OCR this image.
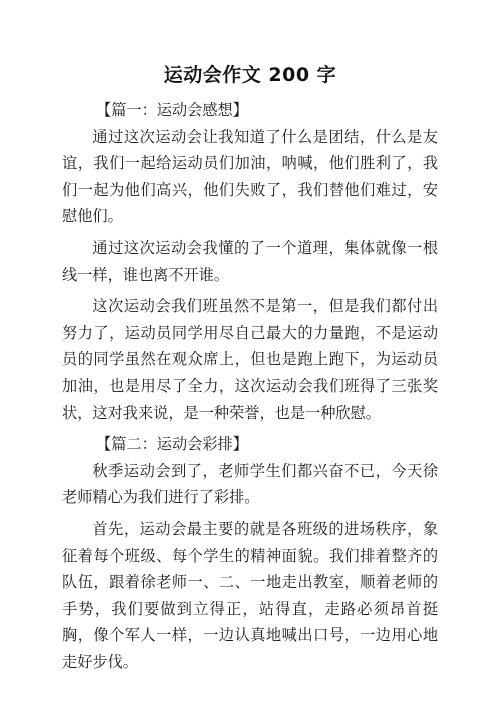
运动会作文 200 字

【篇一：运动会感想】

通过这次运动会让我知道了什么是团结，什么是友谊，我们一起给运动员们加油，呐喊，他们胜利了，我们一起为他们高兴，他们失败了，我们替他们难过，安慰他们。

通过这次运动会我懂的了一个道理，集体就像一根线一样，谁也离不开谁。

这次运动会我们班虽然不是第一，但是我们都付出努力了，运动员同学用尽自己最大的力量跑，不是运动员的同学虽然在观众席上，但也是跑上跑下，为运动员加油，也是用尽了全力，这次运动会我们班得了三张奖状，这对我来说，是一种荣誉，也是一种欣慰。

【篇二：运动会彩排】

秋季运动会到了，老师学生们都兴奋不已，今天徐老师精心为我们进行了彩排。

首先，运动会最主要的就是各班级的进场秩序，象征着每个班级、每个学生的精神面貌。我们排着整齐的队伍，跟着徐老师一、二、一地走出教室，顺着老师的手势，我们要做到立得正，站得直，走路必须昂首挺胸，像个军人一样，一边认真地喊出口号，一边用心地走好步伐。
